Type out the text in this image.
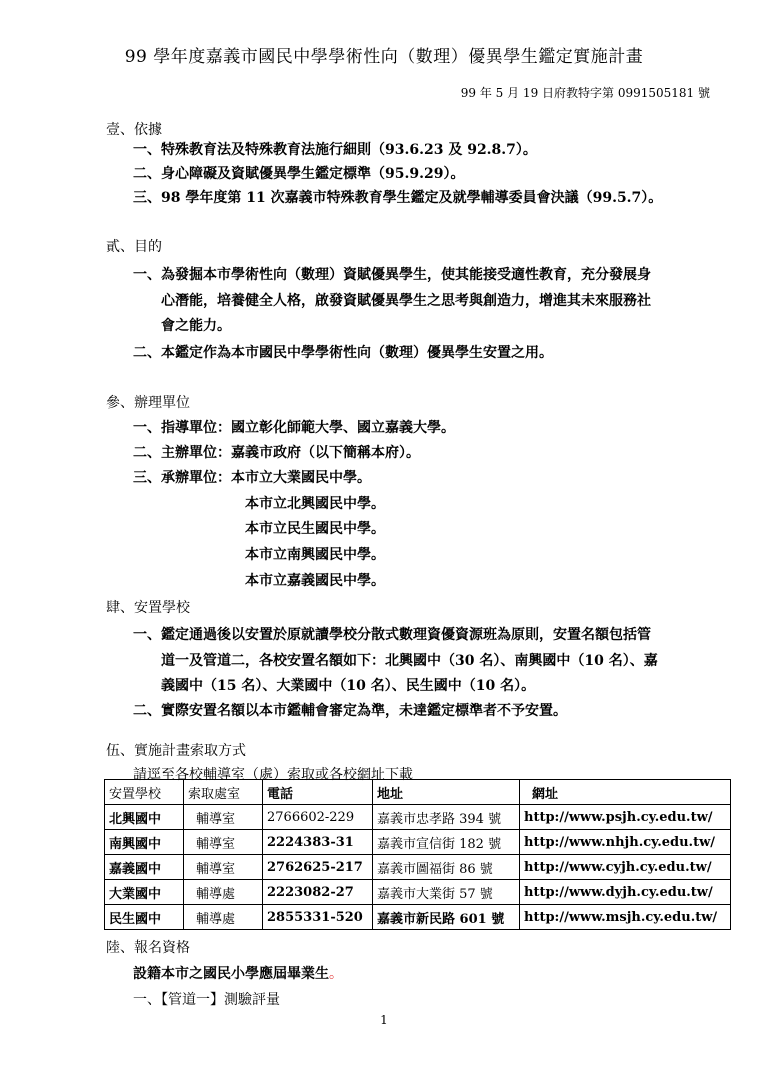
99 學年度嘉義市國民中學學術性向（數理）優異學生鑑定實施計畫
99 年 5 月 19 日府教特字第 0991505181 號
壹、依據
一、特殊教育法及特殊教育法施行細則（93.6.23 及 92.8.7）。
二、身心障礙及資賦優異學生鑑定標準（95.9.29）。
三、98 學年度第 11 次嘉義市特殊教育學生鑑定及就學輔導委員會決議（99.5.7）。
貳、目的
一、為發掘本市學術性向（數理）資賦優異學生，使其能接受適性教育，充分發展身
心潛能，培養健全人格，啟發資賦優異學生之思考與創造力，增進其未來服務社
會之能力。
二、本鑑定作為本市國民中學學術性向（數理）優異學生安置之用。
參、辦理單位
一、指導單位：國立彰化師範大學、國立嘉義大學。
二、主辦單位：嘉義市政府（以下簡稱本府）。
三、承辦單位：本市立大業國民中學。
本市立北興國民中學。
本市立民生國民中學。
本市立南興國民中學。
本市立嘉義國民中學。
肆、安置學校
一、鑑定通過後以安置於原就讀學校分散式數理資優資源班為原則，安置名額包括管
道一及管道二，各校安置名額如下：北興國中（30 名）、南興國中（10 名）、嘉
義國中（15 名）、大業國中（10 名）、民生國中（10 名）。
二、實際安置名額以本市鑑輔會審定為準，未達鑑定標準者不予安置。
伍、實施計畫索取方式
請逕至各校輔導室（處）索取或各校網址下載
安置學校	索取處室	電話	地址	網址
北興國中	輔導室	2766602-229	嘉義市忠孝路 394 號	http://www.psjh.cy.edu.tw/
南興國中	輔導室	2224383-31	嘉義市宣信街 182 號	http://www.nhjh.cy.edu.tw/
嘉義國中	輔導室	2762625-217	嘉義市圖福街 86 號	http://www.cyjh.cy.edu.tw/
大業國中	輔導處	2223082-27	嘉義市大業街 57 號	http://www.dyjh.cy.edu.tw/
民生國中	輔導處	2855331-520	嘉義市新民路 601 號	http://www.msjh.cy.edu.tw/
陸、報名資格
設籍本市之國民小學應屆畢業生。
一、【管道一】測驗評量
1
